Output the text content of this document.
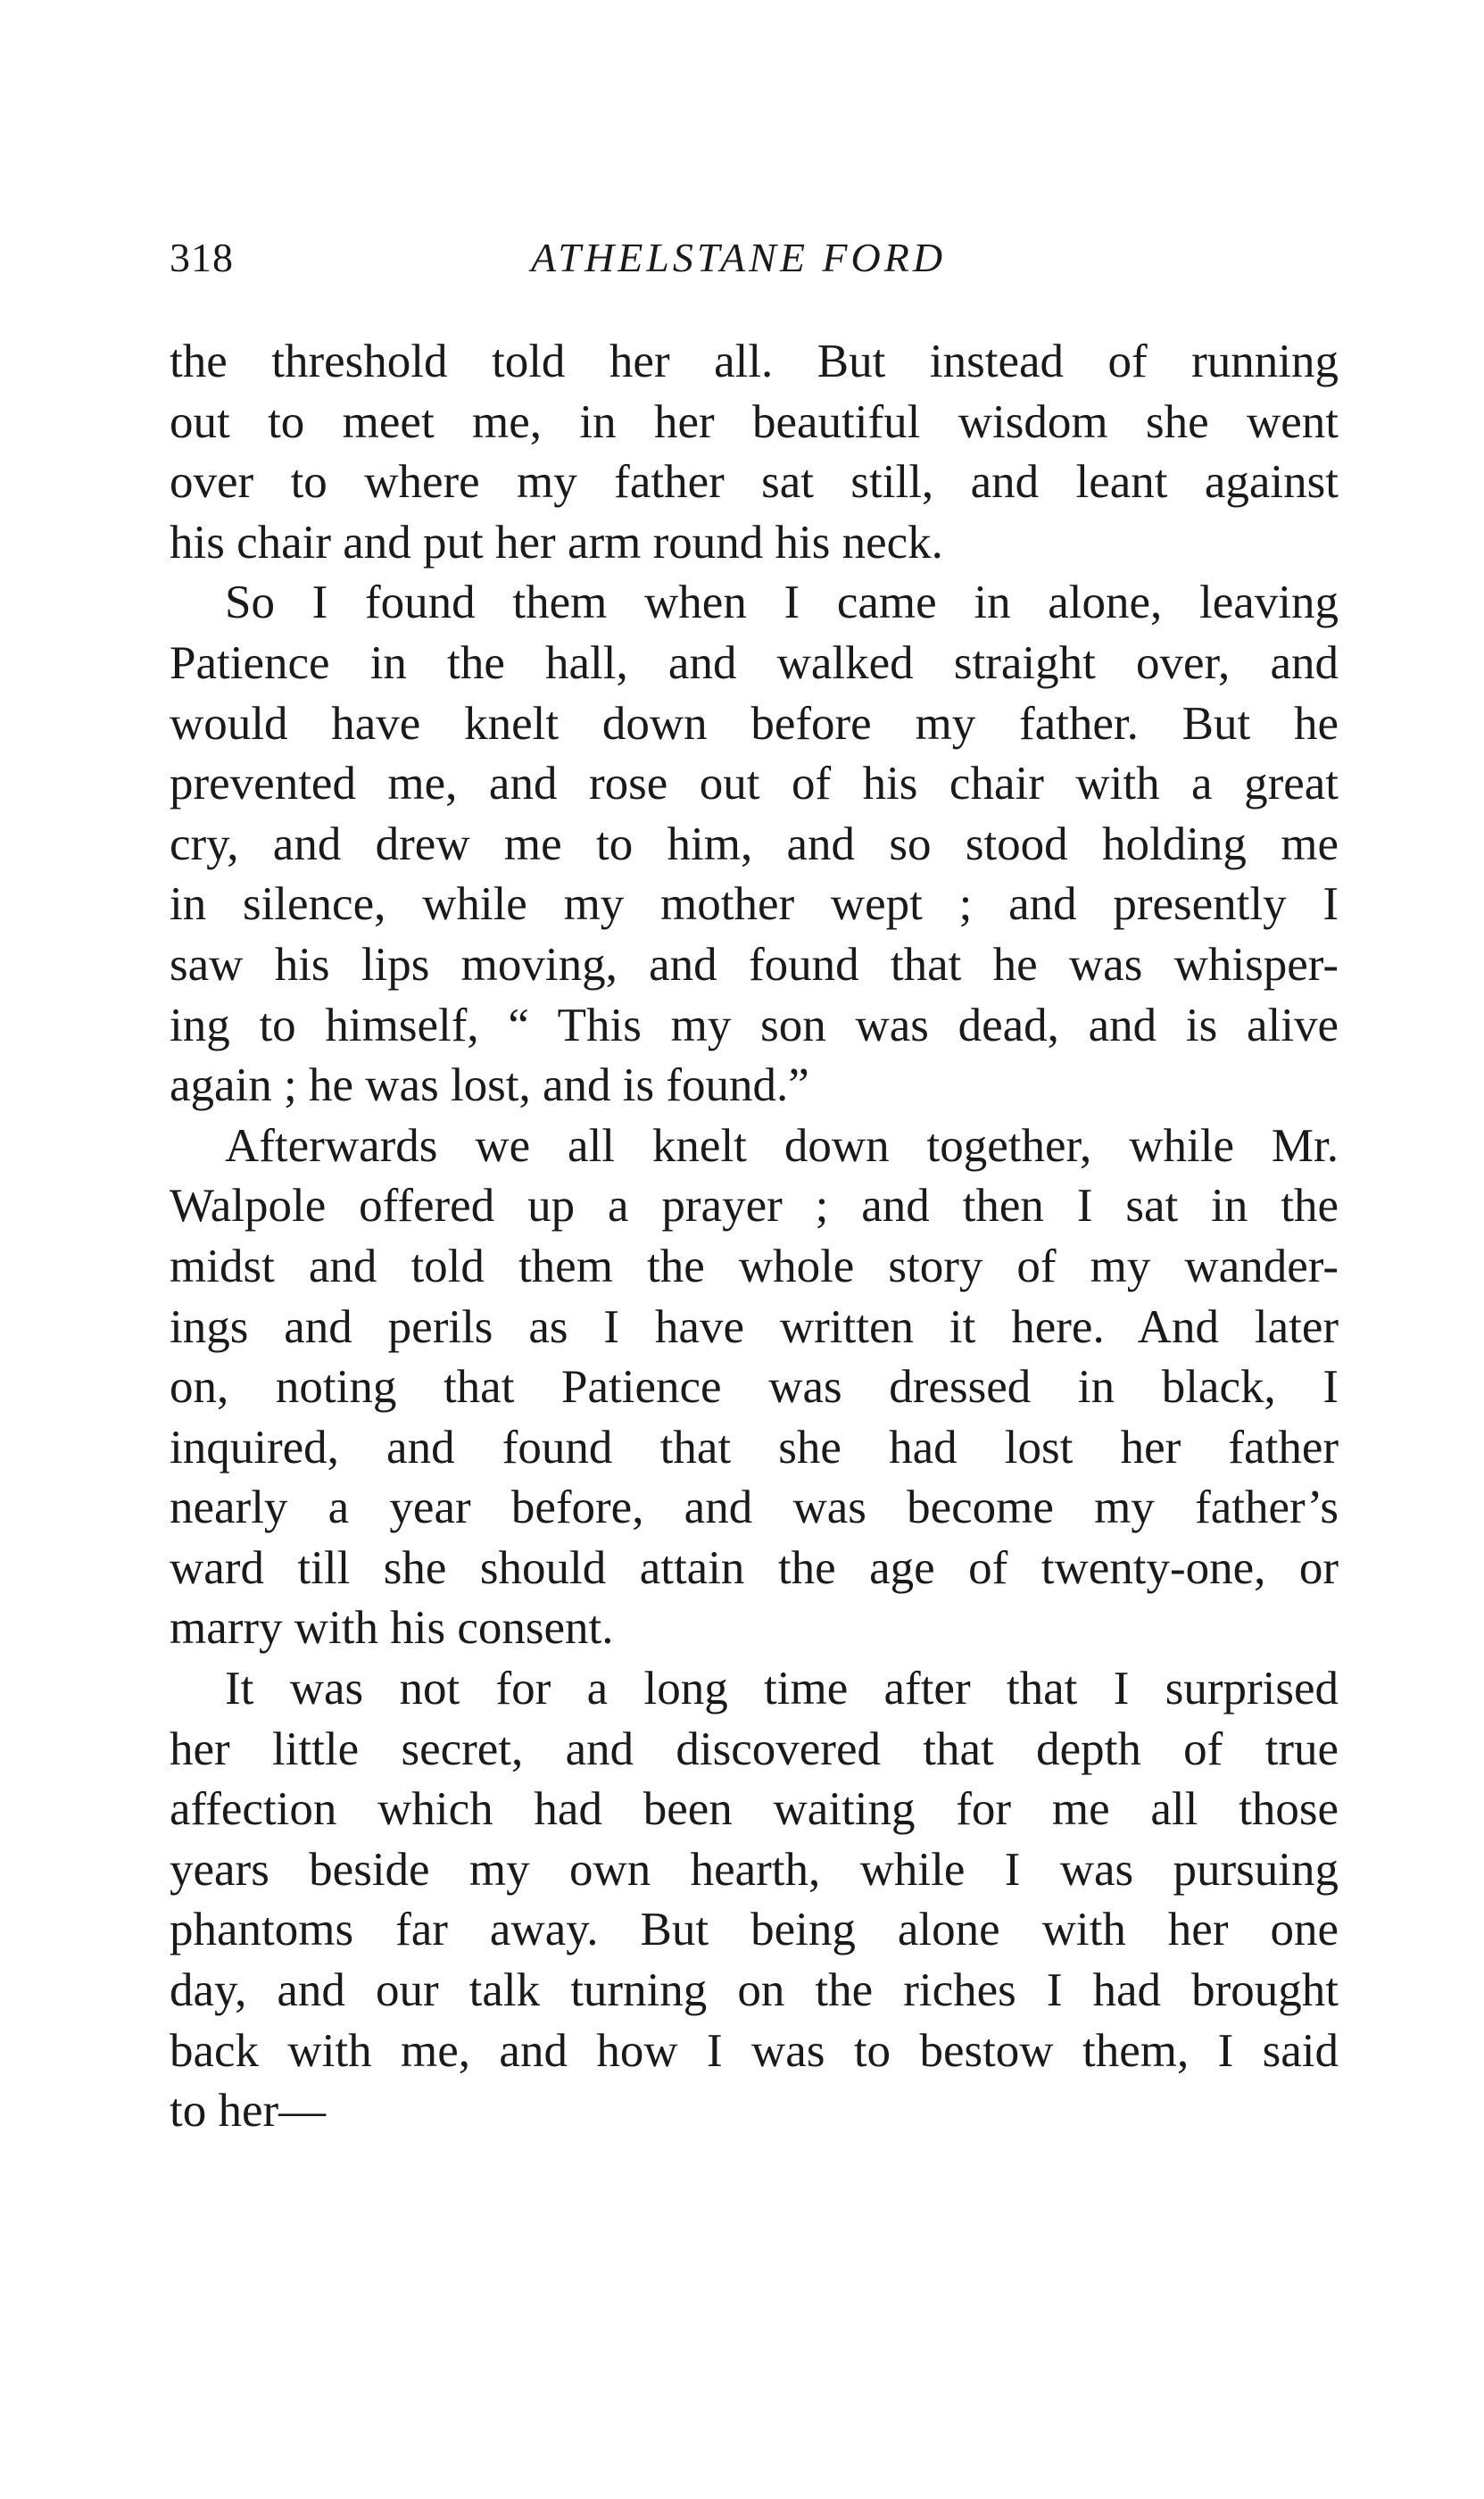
318	ATHELSTANE FORD
the threshold told her all. But instead of running
out to meet me, in her beautiful wisdom she went
over to where my father sat still, and leant against
his chair and put her arm round his neck.
So I found them when I came in alone, leaving
Patience in the hall, and walked straight over, and
would have knelt down before my father. But he
prevented me, and rose out of his chair with a great
cry, and drew me to him, and so stood holding me
in silence, while my mother wept ; and presently I
saw his lips moving, and found that he was whisper-
ing to himself, “ This my son was dead, and is alive
again ; he was lost, and is found.”
Afterwards we all knelt down together, while Mr.
Walpole offered up a prayer ; and then I sat in the
midst and told them the whole story of my wander-
ings and perils as I have written it here. And later
on, noting that Patience was dressed in black, I
inquired, and found that she had lost her father
nearly a year before, and was become my father’s
ward till she should attain the age of twenty-one, or
marry with his consent.
It was not for a long time after that I surprised
her little secret, and discovered that depth of true
affection which had been waiting for me all those
years beside my own hearth, while I was pursuing
phantoms far away. But being alone with her one
day, and our talk turning on the riches I had brought
back with me, and how I was to bestow them, I said
to her—
